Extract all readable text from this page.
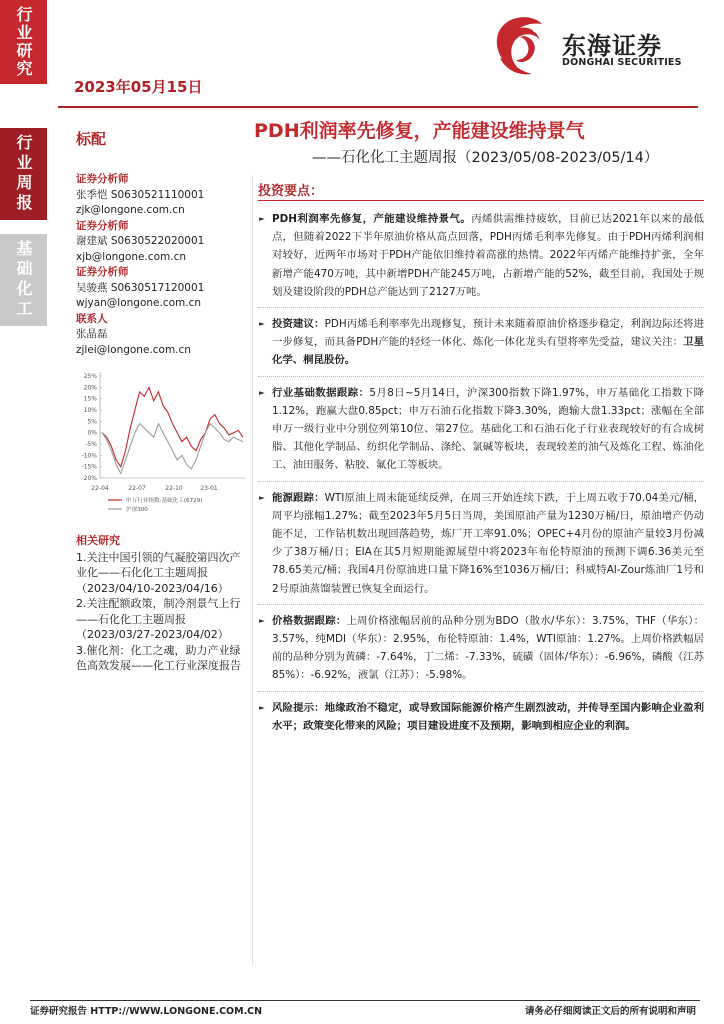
行业研究
行业周报
基础化工
2023年05月15日
东海证券
DONGHAI SECURITIES
标配	PDH利润率先修复，产能建设维持景气
——石化化工主题周报（2023/05/08-2023/05/14）
证券分析师
张季恺 S0630521110001
zjk@longone.com.cn
证券分析师
谢建斌 S0630522020001
xjb@longone.com.cn
证券分析师
吴骏燕 S0630517120001
wjyan@longone.com.cn
联系人
张晶磊
zjlei@longone.com.cn
25%
20%
15%
10%
5%
0%
-5%
-10%
-15%
-20%
22-04	22-07	22-10	23-01
申万行业指数:基础化工(6729)
沪深300
相关研究
1.关注中国引领的气凝胶第四次产业化——石化化工主题周报（2023/04/10-2023/04/16）
2.关注配额政策，制冷剂景气上行——石化化工主题周报（2023/03/27-2023/04/02）
3.催化剂：化工之魂，助力产业绿色高效发展——化工行业深度报告
投资要点：
► PDH利润率先修复，产能建设维持景气。丙烯供需维持疲软，目前已达2021年以来的最低点，但随着2022下半年原油价格从高点回落，PDH丙烯毛利率先修复。由于PDH丙烯利润相对较好，近两年市场对于PDH产能依旧维持着高涨的热情。2022年丙烯产能维持扩张，全年新增产能470万吨，其中新增PDH产能245万吨，占新增产能的52%，截至目前，我国处于规划及建设阶段的PDH总产能达到了2127万吨。
► 投资建议：PDH丙烯毛利率率先出现修复，预计未来随着原油价格逐步稳定，利润边际还将进一步修复，而具备PDH产能的轻烃一体化、炼化一体化龙头有望将率先受益，建议关注：卫星化学、桐昆股份。
► 行业基础数据跟踪：5月8日~5月14日，沪深300指数下降1.97%，申万基础化工指数下降1.12%，跑赢大盘0.85pct；申万石油石化指数下降3.30%，跑输大盘1.33pct；涨幅在全部申万一级行业中分别位列第10位、第27位。基础化工和石油石化子行业表现较好的有合成树脂、其他化学制品、纺织化学制品、涤纶、氯碱等板块，表现较差的油气及炼化工程、炼油化工、油田服务、粘胶、氟化工等板块。
► 能源跟踪：WTI原油上周未能延续反弹，在周三开始连续下跌，于上周五收于70.04美元/桶，周平均涨幅1.27%；截至2023年5月5日当周，美国原油产量为1230万桶/日，原油增产仍动能不足，工作钻机数出现回落趋势，炼厂开工率91.0%；OPEC+4月份的原油产量较3月份减少了38万桶/日；EIA在其5月短期能源展望中将2023年布伦特原油的预测下调6.36美元至78.65美元/桶；我国4月份原油进口量下降16%至1036万桶/日；科威特Al-Zour炼油厂1号和2号原油蒸馏装置已恢复全面运行。
► 价格数据跟踪：上周价格涨幅居前的品种分别为BDO（散水/华东）：3.75%，THF（华东）：3.57%，纯MDI（华东）：2.95%，布伦特原油：1.4%，WTI原油：1.27%。上周价格跌幅居前的品种分别为黄磷：-7.64%，丁二烯：-7.33%，硫磺（固体/华东）：-6.96%，磷酸（江苏85%）：-6.92%，液氯（江苏）：-5.98%。
► 风险提示：地缘政治不稳定，或导致国际能源价格产生剧烈波动，并传导至国内影响企业盈利水平；政策变化带来的风险；项目建设进度不及预期，影响到相应企业的利润。
证券研究报告 HTTP://WWW.LONGONE.COM.CN	请务必仔细阅读正文后的所有说明和声明
